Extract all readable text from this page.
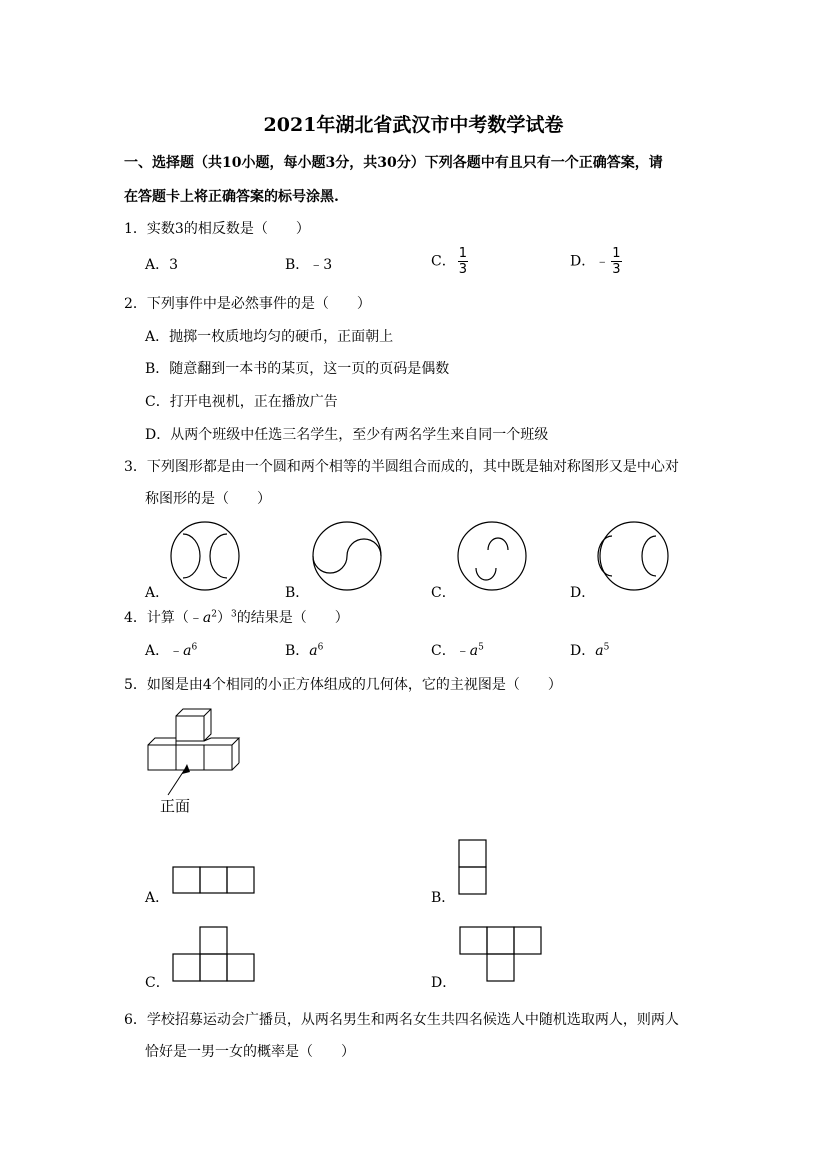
2021年湖北省武汉市中考数学试卷
一、选择题（共10小题，每小题3分，共30分）下列各题中有且只有一个正确答案，请
在答题卡上将正确答案的标号涂黑.
1．实数3的相反数是（　　）
A．3	B．﹣3	C． $\frac{1}{3}$	D．﹣ $\frac{1}{3}$
2．下列事件中是必然事件的是（　　）
A．抛掷一枚质地均匀的硬币，正面朝上
B．随意翻到一本书的某页，这一页的页码是偶数
C．打开电视机，正在播放广告
D．从两个班级中任选三名学生，至少有两名学生来自同一个班级
3．下列图形都是由一个圆和两个相等的半圆组合而成的，其中既是轴对称图形又是中心对
称图形的是（　　）
A．	B．	C．	D．
4．计算$(﹣a^2)^3$的结果是（　　）
A．$﹣a^6$	B．$a^6$	C．$﹣a^5$	D．$a^5$
5．如图是由4个相同的小正方体组成的几何体，它的主视图是（　　）
正面
A．	B．
C．	D．
6．学校招募运动会广播员，从两名男生和两名女生共四名候选人中随机选取两人，则两人
恰好是一男一女的概率是（　　）
